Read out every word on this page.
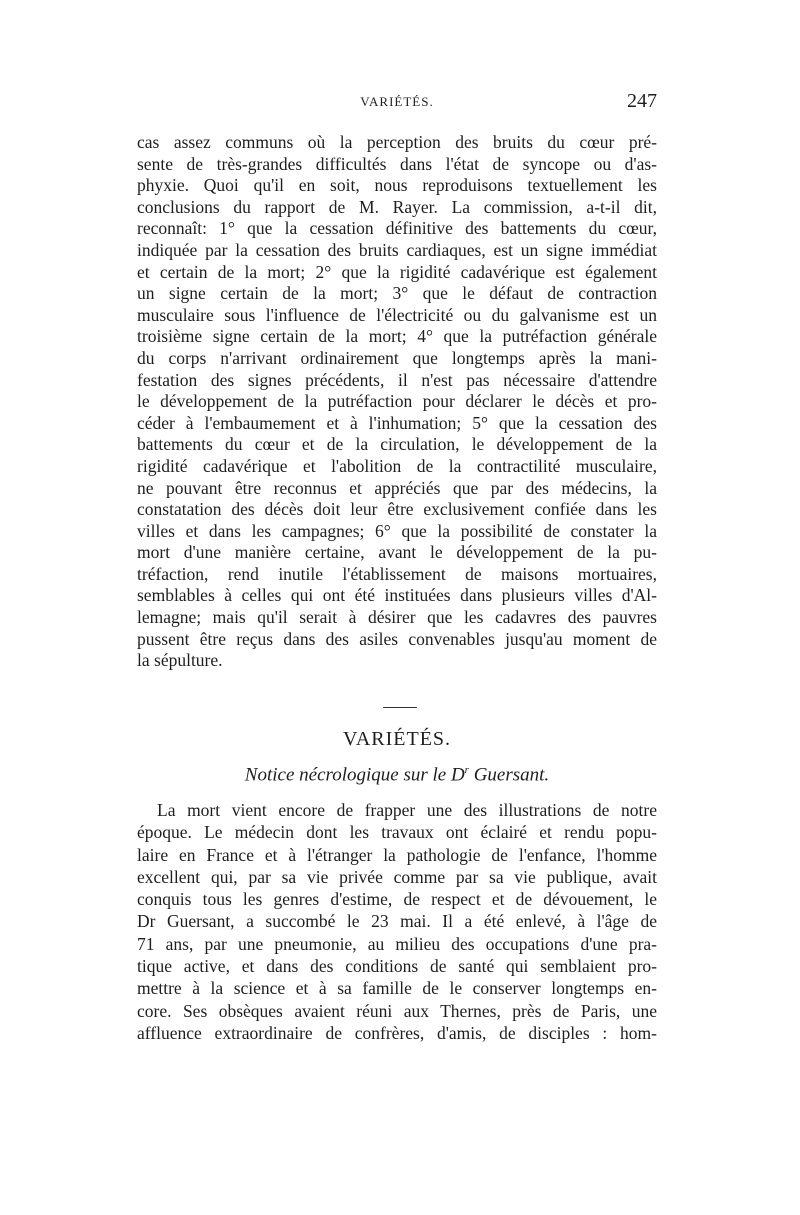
VARIÉTÉS.	247
cas assez communs où la perception des bruits du cœur pré-
sente de très-grandes difficultés dans l'état de syncope ou d'as-
phyxie. Quoi qu'il en soit, nous reproduisons textuellement les
conclusions du rapport de M. Rayer. La commission, a-t-il dit,
reconnaît: 1° que la cessation définitive des battements du cœur,
indiquée par la cessation des bruits cardiaques, est un signe immédiat
et certain de la mort; 2° que la rigidité cadavérique est également
un signe certain de la mort; 3° que le défaut de contraction
musculaire sous l'influence de l'électricité ou du galvanisme est un
troisième signe certain de la mort; 4° que la putréfaction générale
du corps n'arrivant ordinairement que longtemps après la mani-
festation des signes précédents, il n'est pas nécessaire d'attendre
le développement de la putréfaction pour déclarer le décès et pro-
céder à l'embaumement et à l'inhumation; 5° que la cessation des
battements du cœur et de la circulation, le développement de la
rigidité cadavérique et l'abolition de la contractilité musculaire,
ne pouvant être reconnus et appréciés que par des médecins, la
constatation des décès doit leur être exclusivement confiée dans les
villes et dans les campagnes; 6° que la possibilité de constater la
mort d'une manière certaine, avant le développement de la pu-
tréfaction, rend inutile l'établissement de maisons mortuaires,
semblables à celles qui ont été instituées dans plusieurs villes d'Al-
lemagne; mais qu'il serait à désirer que les cadavres des pauvres
pussent être reçus dans des asiles convenables jusqu'au moment de
la sépulture.
VARIÉTÉS.
Notice nécrologique sur le $D^r$ Guersant.
La mort vient encore de frapper une des illustrations de notre
époque. Le médecin dont les travaux ont éclairé et rendu popu-
laire en France et à l'étranger la pathologie de l'enfance, l'homme
excellent qui, par sa vie privée comme par sa vie publique, avait
conquis tous les genres d'estime, de respect et de dévouement, le
Dr Guersant, a succombé le 23 mai. Il a été enlevé, à l'âge de
71 ans, par une pneumonie, au milieu des occupations d'une pra-
tique active, et dans des conditions de santé qui semblaient pro-
mettre à la science et à sa famille de le conserver longtemps en-
core. Ses obsèques avaient réuni aux Thernes, près de Paris, une
affluence extraordinaire de confrères, d'amis, de disciples : hom-
